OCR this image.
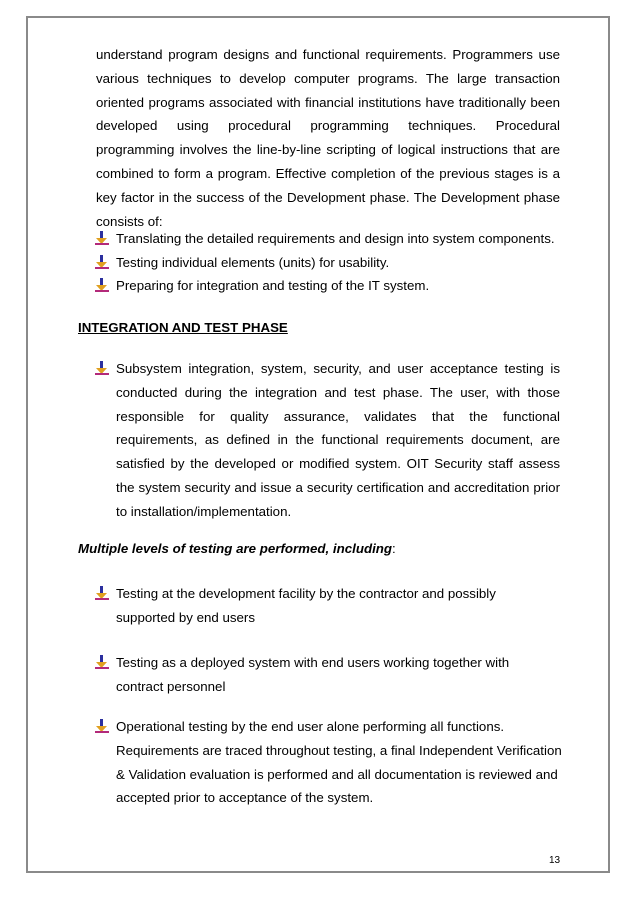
understand program designs and functional requirements. Programmers use various techniques to develop computer programs. The large transaction oriented programs associated with financial institutions have traditionally been developed using procedural programming techniques. Procedural programming involves the line-by-line scripting of logical instructions that are combined to form a program. Effective completion of the previous stages is a key factor in the success of the Development phase. The Development phase consists of:

Translating the detailed requirements and design into system components.
Testing individual elements (units) for usability.
Preparing for integration and testing of the IT system.

INTEGRATION AND TEST PHASE

Subsystem integration, system, security, and user acceptance testing is conducted during the integration and test phase. The user, with those responsible for quality assurance, validates that the functional requirements, as defined in the functional requirements document, are satisfied by the developed or modified system. OIT Security staff assess the system security and issue a security certification and accreditation prior to installation/implementation.

Multiple levels of testing are performed, including:

Testing at the development facility by the contractor and possibly supported by end users
Testing as a deployed system with end users working together with contract personnel
Operational testing by the end user alone performing all functions. Requirements are traced throughout testing, a final Independent Verification & Validation evaluation is performed and all documentation is reviewed and accepted prior to acceptance of the system.

13
